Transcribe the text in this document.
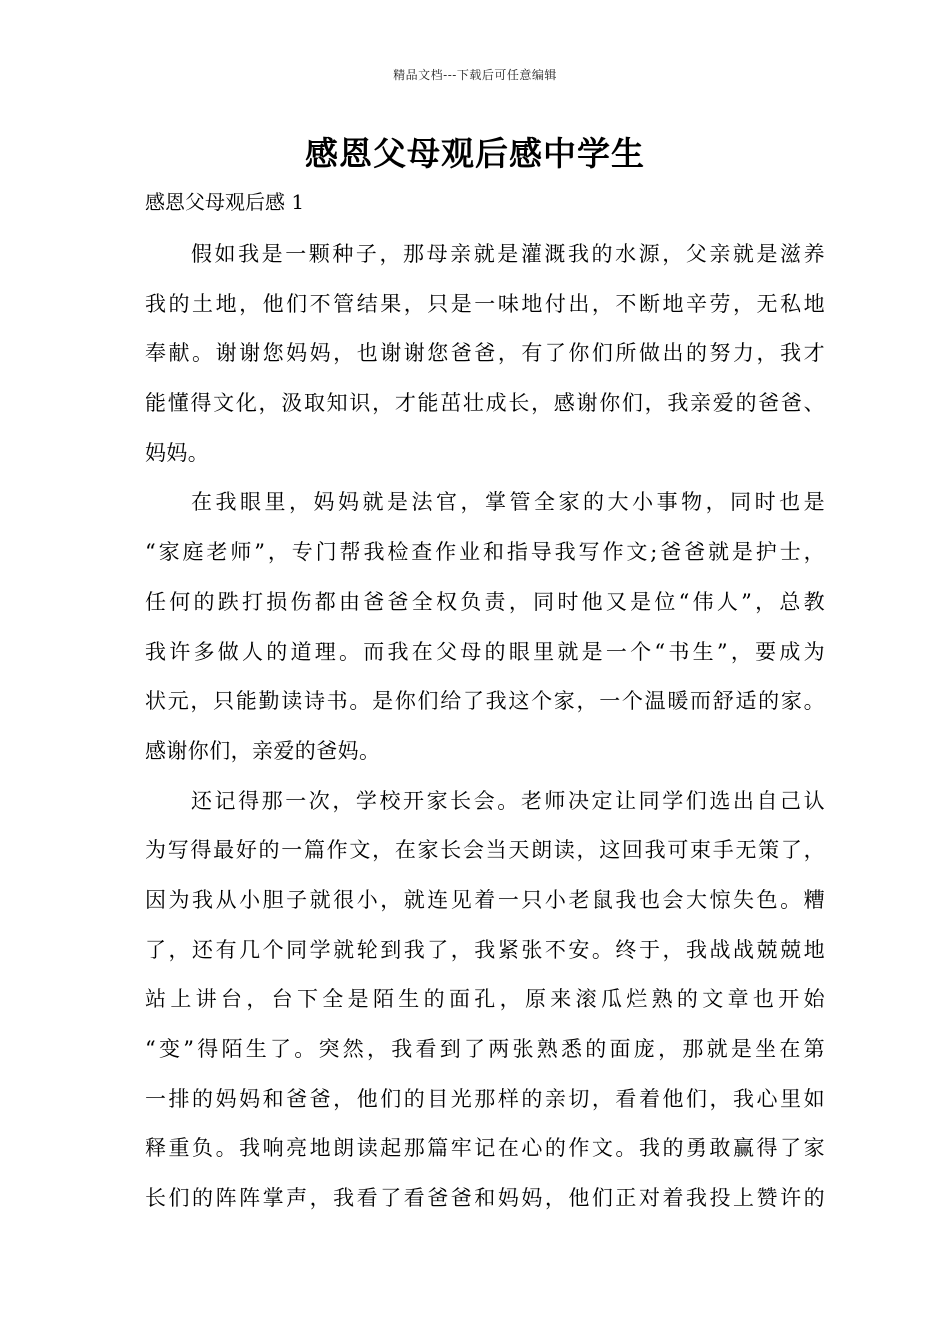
精品文档---下载后可任意编辑
感恩父母观后感中学生
感恩父母观后感 1
假如我是一颗种子，那母亲就是灌溉我的水源，父亲就是滋养
我的土地，他们不管结果，只是一味地付出，不断地辛劳，无私地
奉献。谢谢您妈妈，也谢谢您爸爸，有了你们所做出的努力，我才
能懂得文化，汲取知识，才能茁壮成长，感谢你们，我亲爱的爸爸、
妈妈。
在我眼里，妈妈就是法官，掌管全家的大小事物，同时也是
“家庭老师”，专门帮我检查作业和指导我写作文;爸爸就是护士，
任何的跌打损伤都由爸爸全权负责，同时他又是位“伟人”，总教
我许多做人的道理。而我在父母的眼里就是一个“书生”，要成为
状元，只能勤读诗书。是你们给了我这个家，一个温暖而舒适的家。
感谢你们，亲爱的爸妈。
还记得那一次，学校开家长会。老师决定让同学们选出自己认
为写得最好的一篇作文，在家长会当天朗读，这回我可束手无策了，
因为我从小胆子就很小，就连见着一只小老鼠我也会大惊失色。糟
了，还有几个同学就轮到我了，我紧张不安。终于，我战战兢兢地
站上讲台，台下全是陌生的面孔，原来滚瓜烂熟的文章也开始
“变”得陌生了。突然，我看到了两张熟悉的面庞，那就是坐在第
一排的妈妈和爸爸，他们的目光那样的亲切，看着他们，我心里如
释重负。我响亮地朗读起那篇牢记在心的作文。我的勇敢赢得了家
长们的阵阵掌声，我看了看爸爸和妈妈，他们正对着我投上赞许的
